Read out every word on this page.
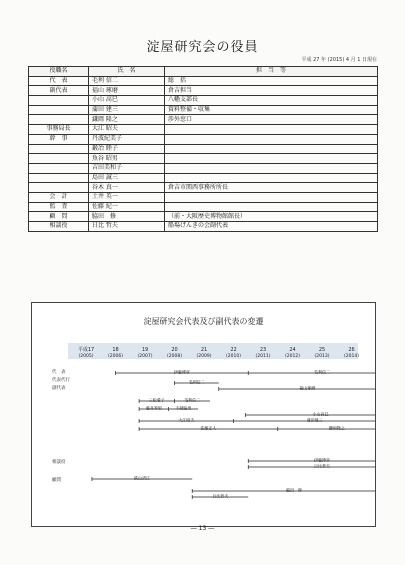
淀屋研究会の役員
平成 27 年 (2015) 4 月 1 日現在
役職名	氏　名	担　当　等
代　表	毛利 信二	総　括
副代表	福山 琢磨	倉吉担当
	小山 高巳	八幡支部長
	蒲田 建三	資料整備・収集
	鎌岡 隆之	渉外窓口
事務局長	大江 昭夫	
幹　事	丹波紀美子	
	鍛冶 睦子	
	魚谷 昭男	
	吉田美和子	
	島田 誠三	
	谷木 真一	倉吉市関西事務所所長
会　計	土井 英一	
監　査	佐藤 紀一	
顧　問	脇田　修	（前・大阪歴史博物館館長）
相談役	日比 哲夫	船場げんきの会副代表
淀屋研究会代表及び副代表の変遷
平成17
(2005)
18
(2006)
19
(2007)
20
(2008)
21
(2009)
22
(2010)
23
(2011)
24
(2012)
25
(2013)
26
(2014)
代　表
代表代行
副代表
相談役
顧問
伊藤博章	毛利信二
毛利信二
福山琢磨
三松愛子	毛利信二
藤井秀昭	不破聡男
小山高巳
大江昭夫	蒲田建三
佐藤正人	鎌岡隆之
伊藤博章
日比哲夫
鉄山清江
脇田　修
日比哲夫
― 13 ―
